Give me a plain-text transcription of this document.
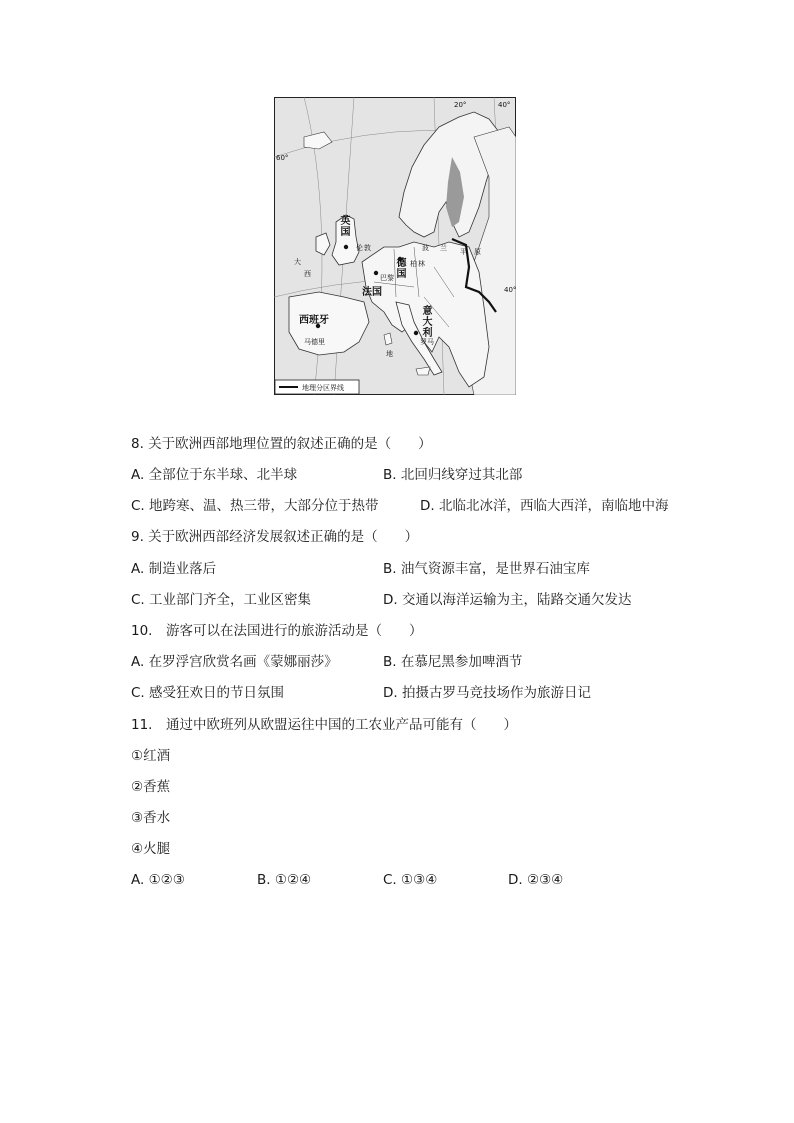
英国
伦 敦
德国
法国
巴黎
西班牙
马德里
意大利
罗马
波 兰 平 原
柏 林
大
西
地
60°
40°
20°	40°
地理分区界线
8. 关于欧洲西部地理位置的叙述正确的是（　　）
A. 全部位于东半球、北半球	B. 北回归线穿过其北部
C. 地跨寒、温、热三带，大部分位于热带	D. 北临北冰洋，西临大西洋，南临地中海
9. 关于欧洲西部经济发展叙述正确的是（　　）
A. 制造业落后	B. 油气资源丰富，是世界石油宝库
C. 工业部门齐全，工业区密集	D. 交通以海洋运输为主，陆路交通欠发达
10.　游客可以在法国进行的旅游活动是（　　）
A. 在罗浮宫欣赏名画《蒙娜丽莎》	B. 在慕尼黑参加啤酒节
C. 感受狂欢日的节日氛围	D. 拍摄古罗马竞技场作为旅游日记
11.　通过中欧班列从欧盟运往中国的工农业产品可能有（　　）
①红酒
②香蕉
③香水
④火腿
A. ①②③	B. ①②④	C. ①③④	D. ②③④
